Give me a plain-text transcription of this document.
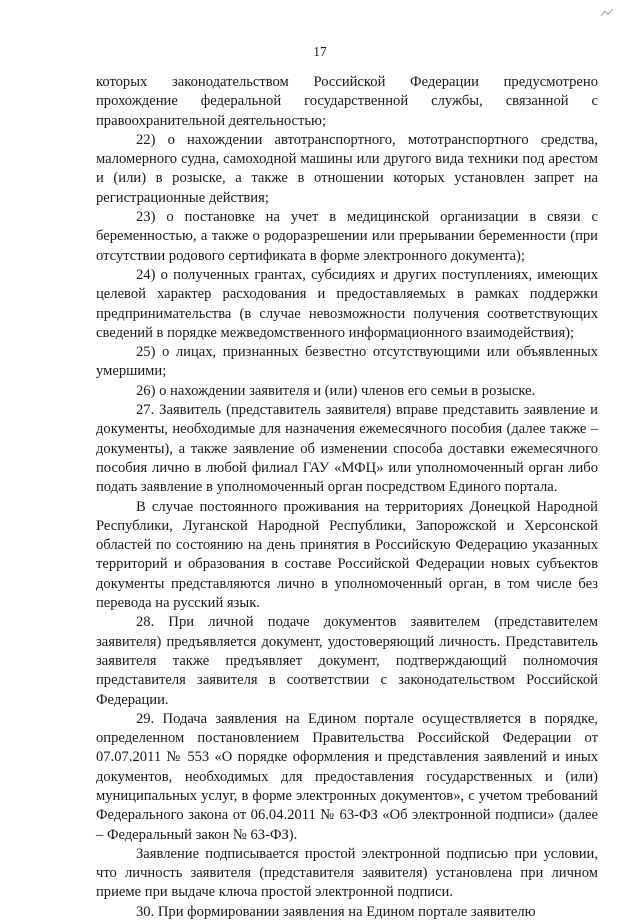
17

которых законодательством Российской Федерации предусмотрено прохождение федеральной государственной службы, связанной с правоохранительной деятельностью;

22) о нахождении автотранспортного, мототранспортного средства, маломерного судна, самоходной машины или другого вида техники под арестом и (или) в розыске, а также в отношении которых установлен запрет на регистрационные действия;

23) о постановке на учет в медицинской организации в связи с беременностью, а также о родоразрешении или прерывании беременности (при отсутствии родового сертификата в форме электронного документа);

24) о полученных грантах, субсидиях и других поступлениях, имеющих целевой характер расходования и предоставляемых в рамках поддержки предпринимательства (в случае невозможности получения соответствующих сведений в порядке межведомственного информационного взаимодействия);

25) о лицах, признанных безвестно отсутствующими или объявленных умершими;

26) о нахождении заявителя и (или) членов его семьи в розыске.

27. Заявитель (представитель заявителя) вправе представить заявление и документы, необходимые для назначения ежемесячного пособия (далее также – документы), а также заявление об изменении способа доставки ежемесячного пособия лично в любой филиал ГАУ «МФЦ» или уполномоченный орган либо подать заявление в уполномоченный орган посредством Единого портала.

В случае постоянного проживания на территориях Донецкой Народной Республики, Луганской Народной Республики, Запорожской и Херсонской областей по состоянию на день принятия в Российскую Федерацию указанных территорий и образования в составе Российской Федерации новых субъектов документы представляются лично в уполномоченный орган, в том числе без перевода на русский язык.

28. При личной подаче документов заявителем (представителем заявителя) предъявляется документ, удостоверяющий личность. Представитель заявителя также предъявляет документ, подтверждающий полномочия представителя заявителя в соответствии с законодательством Российской Федерации.

29. Подача заявления на Едином портале осуществляется в порядке, определенном постановлением Правительства Российской Федерации от 07.07.2011 № 553 «О порядке оформления и представления заявлений и иных документов, необходимых для предоставления государственных и (или) муниципальных услуг, в форме электронных документов», с учетом требований Федерального закона от 06.04.2011 № 63-ФЗ «Об электронной подписи» (далее – Федеральный закон № 63-ФЗ).

Заявление подписывается простой электронной подписью при условии, что личность заявителя (представителя заявителя) установлена при личном приеме при выдаче ключа простой электронной подписи.

30. При формировании заявления на Едином портале заявителю
